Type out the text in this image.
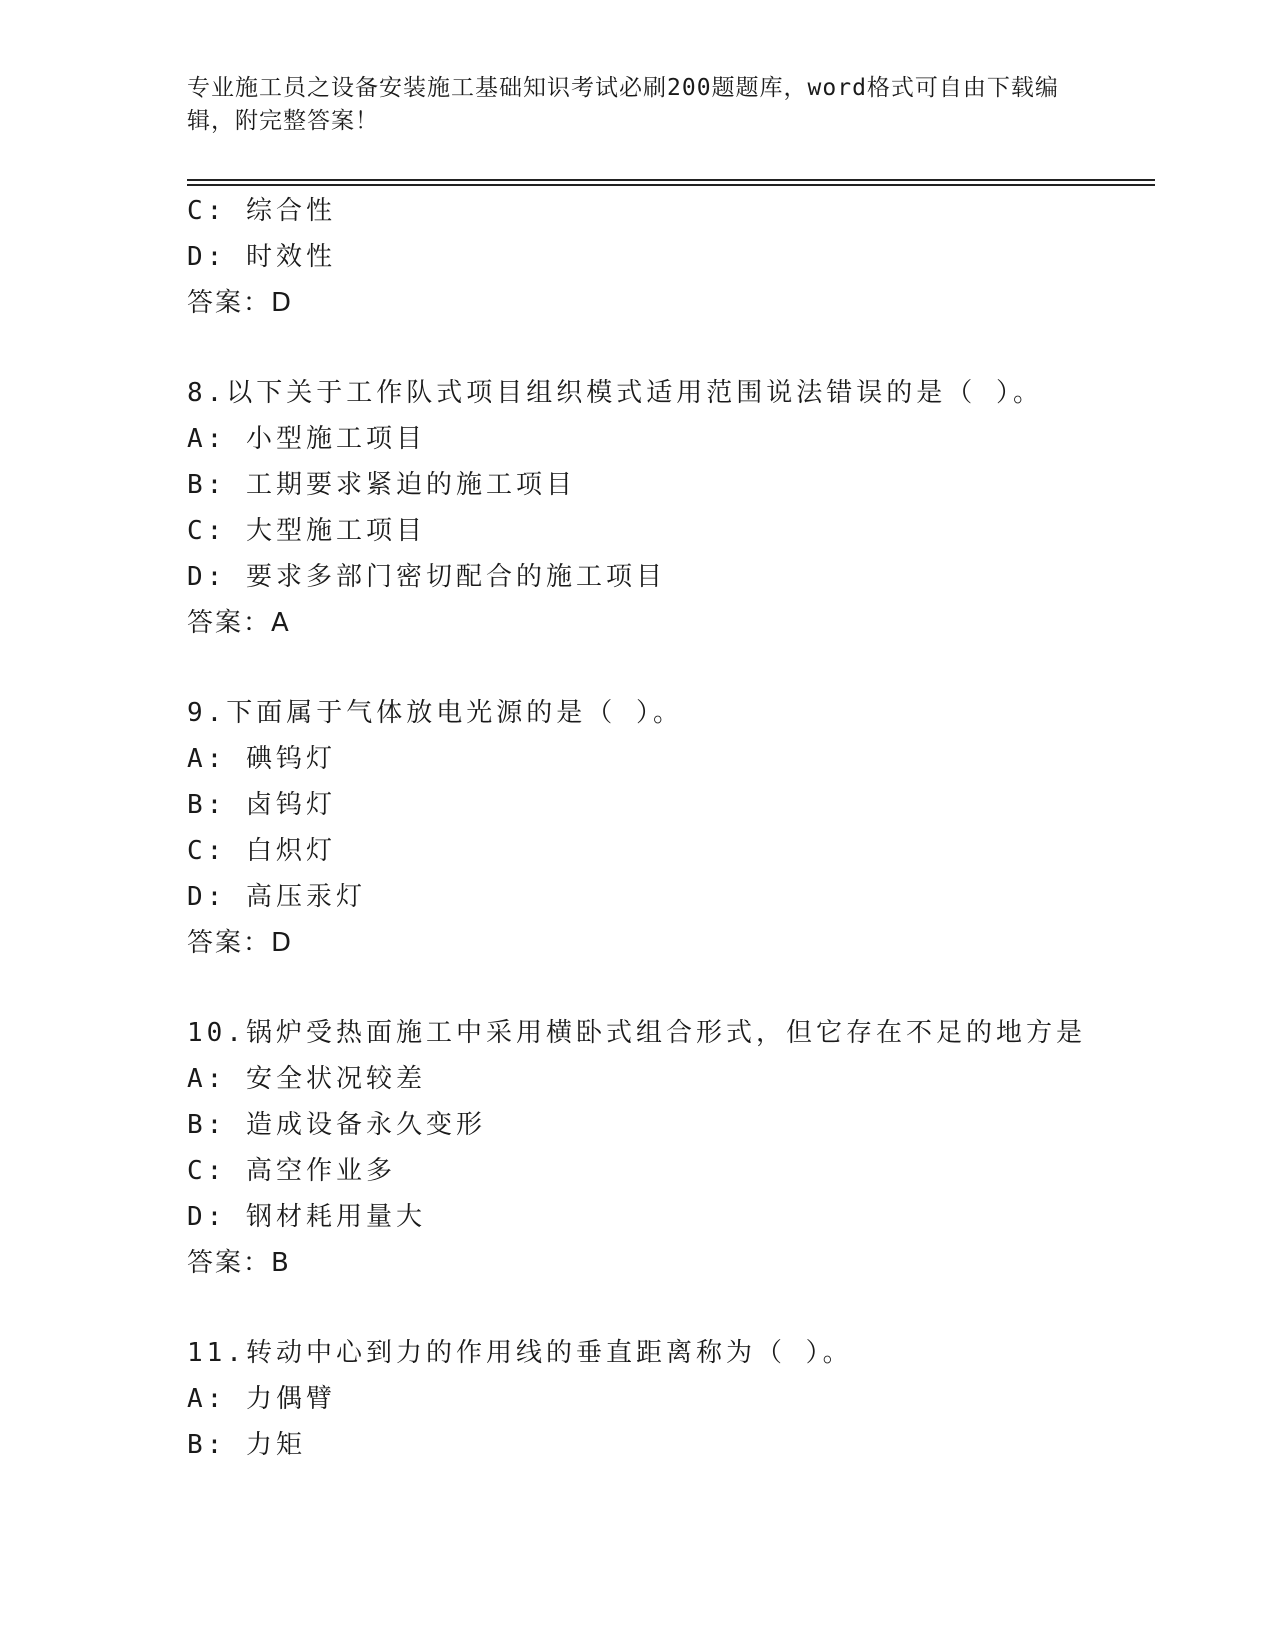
专业施工员之设备安装施工基础知识考试必刷200题题库，word格式可自由下载编辑，附完整答案！
C: 综合性
D: 时效性
答案：D
8.以下关于工作队式项目组织模式适用范围说法错误的是（ ）。
A: 小型施工项目
B: 工期要求紧迫的施工项目
C: 大型施工项目
D: 要求多部门密切配合的施工项目
答案：A
9.下面属于气体放电光源的是（ ）。
A: 碘钨灯
B: 卤钨灯
C: 白炽灯
D: 高压汞灯
答案：D
10.锅炉受热面施工中采用横卧式组合形式，但它存在不足的地方是
A: 安全状况较差
B: 造成设备永久变形
C: 高空作业多
D: 钢材耗用量大
答案：B
11.转动中心到力的作用线的垂直距离称为（ ）。
A: 力偶臂
B: 力矩
